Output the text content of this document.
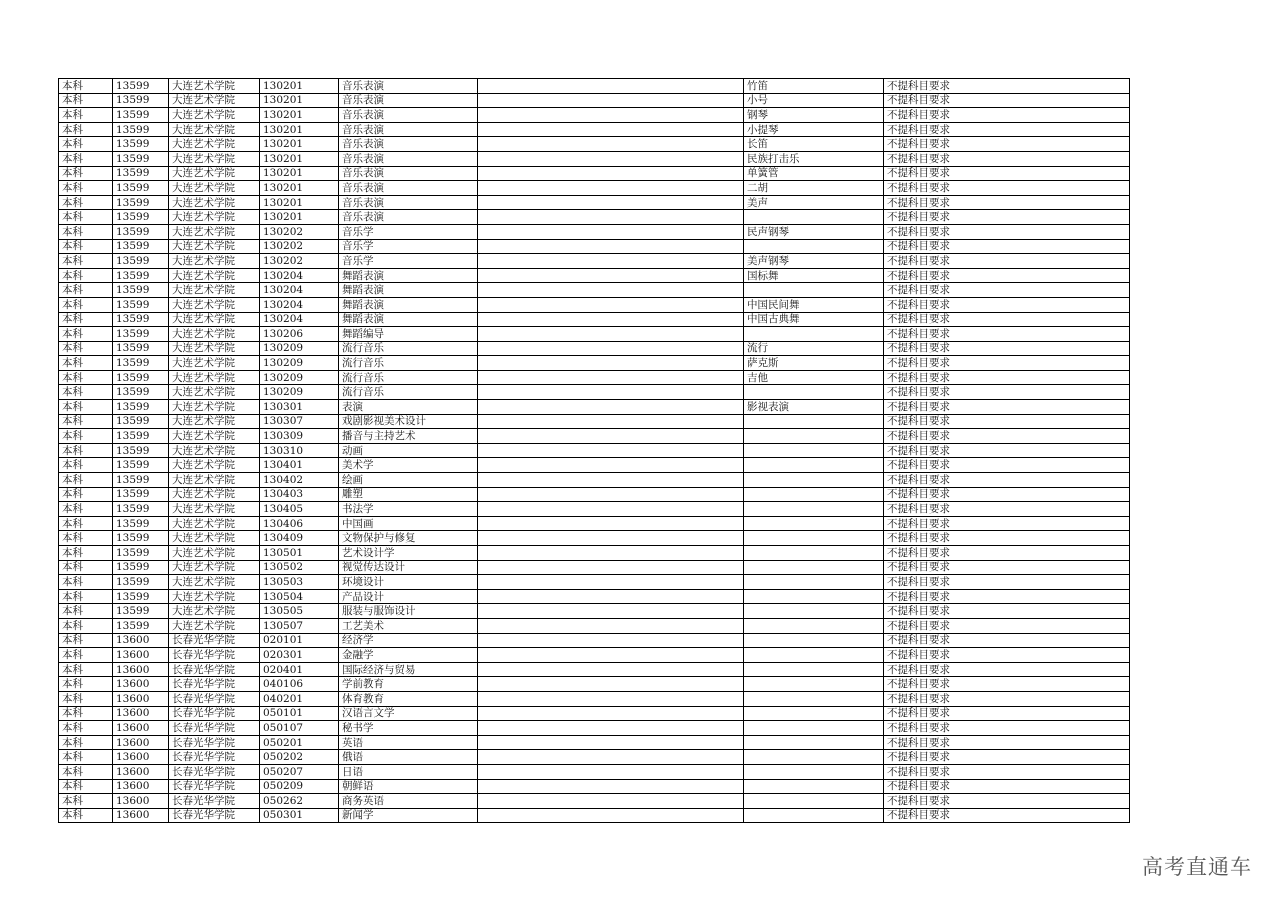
本科	13599	大连艺术学院	130201	音乐表演		竹笛	不提科目要求
本科	13599	大连艺术学院	130201	音乐表演		小号	不提科目要求
本科	13599	大连艺术学院	130201	音乐表演		钢琴	不提科目要求
本科	13599	大连艺术学院	130201	音乐表演		小提琴	不提科目要求
本科	13599	大连艺术学院	130201	音乐表演		长笛	不提科目要求
本科	13599	大连艺术学院	130201	音乐表演		民族打击乐	不提科目要求
本科	13599	大连艺术学院	130201	音乐表演		单簧管	不提科目要求
本科	13599	大连艺术学院	130201	音乐表演		二胡	不提科目要求
本科	13599	大连艺术学院	130201	音乐表演		美声	不提科目要求
本科	13599	大连艺术学院	130201	音乐表演			不提科目要求
本科	13599	大连艺术学院	130202	音乐学		民声钢琴	不提科目要求
本科	13599	大连艺术学院	130202	音乐学			不提科目要求
本科	13599	大连艺术学院	130202	音乐学		美声钢琴	不提科目要求
本科	13599	大连艺术学院	130204	舞蹈表演		国标舞	不提科目要求
本科	13599	大连艺术学院	130204	舞蹈表演			不提科目要求
本科	13599	大连艺术学院	130204	舞蹈表演		中国民间舞	不提科目要求
本科	13599	大连艺术学院	130204	舞蹈表演		中国古典舞	不提科目要求
本科	13599	大连艺术学院	130206	舞蹈编导			不提科目要求
本科	13599	大连艺术学院	130209	流行音乐		流行	不提科目要求
本科	13599	大连艺术学院	130209	流行音乐		萨克斯	不提科目要求
本科	13599	大连艺术学院	130209	流行音乐		吉他	不提科目要求
本科	13599	大连艺术学院	130209	流行音乐			不提科目要求
本科	13599	大连艺术学院	130301	表演		影视表演	不提科目要求
本科	13599	大连艺术学院	130307	戏剧影视美术设计			不提科目要求
本科	13599	大连艺术学院	130309	播音与主持艺术			不提科目要求
本科	13599	大连艺术学院	130310	动画			不提科目要求
本科	13599	大连艺术学院	130401	美术学			不提科目要求
本科	13599	大连艺术学院	130402	绘画			不提科目要求
本科	13599	大连艺术学院	130403	雕塑			不提科目要求
本科	13599	大连艺术学院	130405	书法学			不提科目要求
本科	13599	大连艺术学院	130406	中国画			不提科目要求
本科	13599	大连艺术学院	130409	文物保护与修复			不提科目要求
本科	13599	大连艺术学院	130501	艺术设计学			不提科目要求
本科	13599	大连艺术学院	130502	视觉传达设计			不提科目要求
本科	13599	大连艺术学院	130503	环境设计			不提科目要求
本科	13599	大连艺术学院	130504	产品设计			不提科目要求
本科	13599	大连艺术学院	130505	服装与服饰设计			不提科目要求
本科	13599	大连艺术学院	130507	工艺美术			不提科目要求
本科	13600	长春光华学院	020101	经济学			不提科目要求
本科	13600	长春光华学院	020301	金融学			不提科目要求
本科	13600	长春光华学院	020401	国际经济与贸易			不提科目要求
本科	13600	长春光华学院	040106	学前教育			不提科目要求
本科	13600	长春光华学院	040201	体育教育			不提科目要求
本科	13600	长春光华学院	050101	汉语言文学			不提科目要求
本科	13600	长春光华学院	050107	秘书学			不提科目要求
本科	13600	长春光华学院	050201	英语			不提科目要求
本科	13600	长春光华学院	050202	俄语			不提科目要求
本科	13600	长春光华学院	050207	日语			不提科目要求
本科	13600	长春光华学院	050209	朝鲜语			不提科目要求
本科	13600	长春光华学院	050262	商务英语			不提科目要求
本科	13600	长春光华学院	050301	新闻学			不提科目要求
高考直通车
